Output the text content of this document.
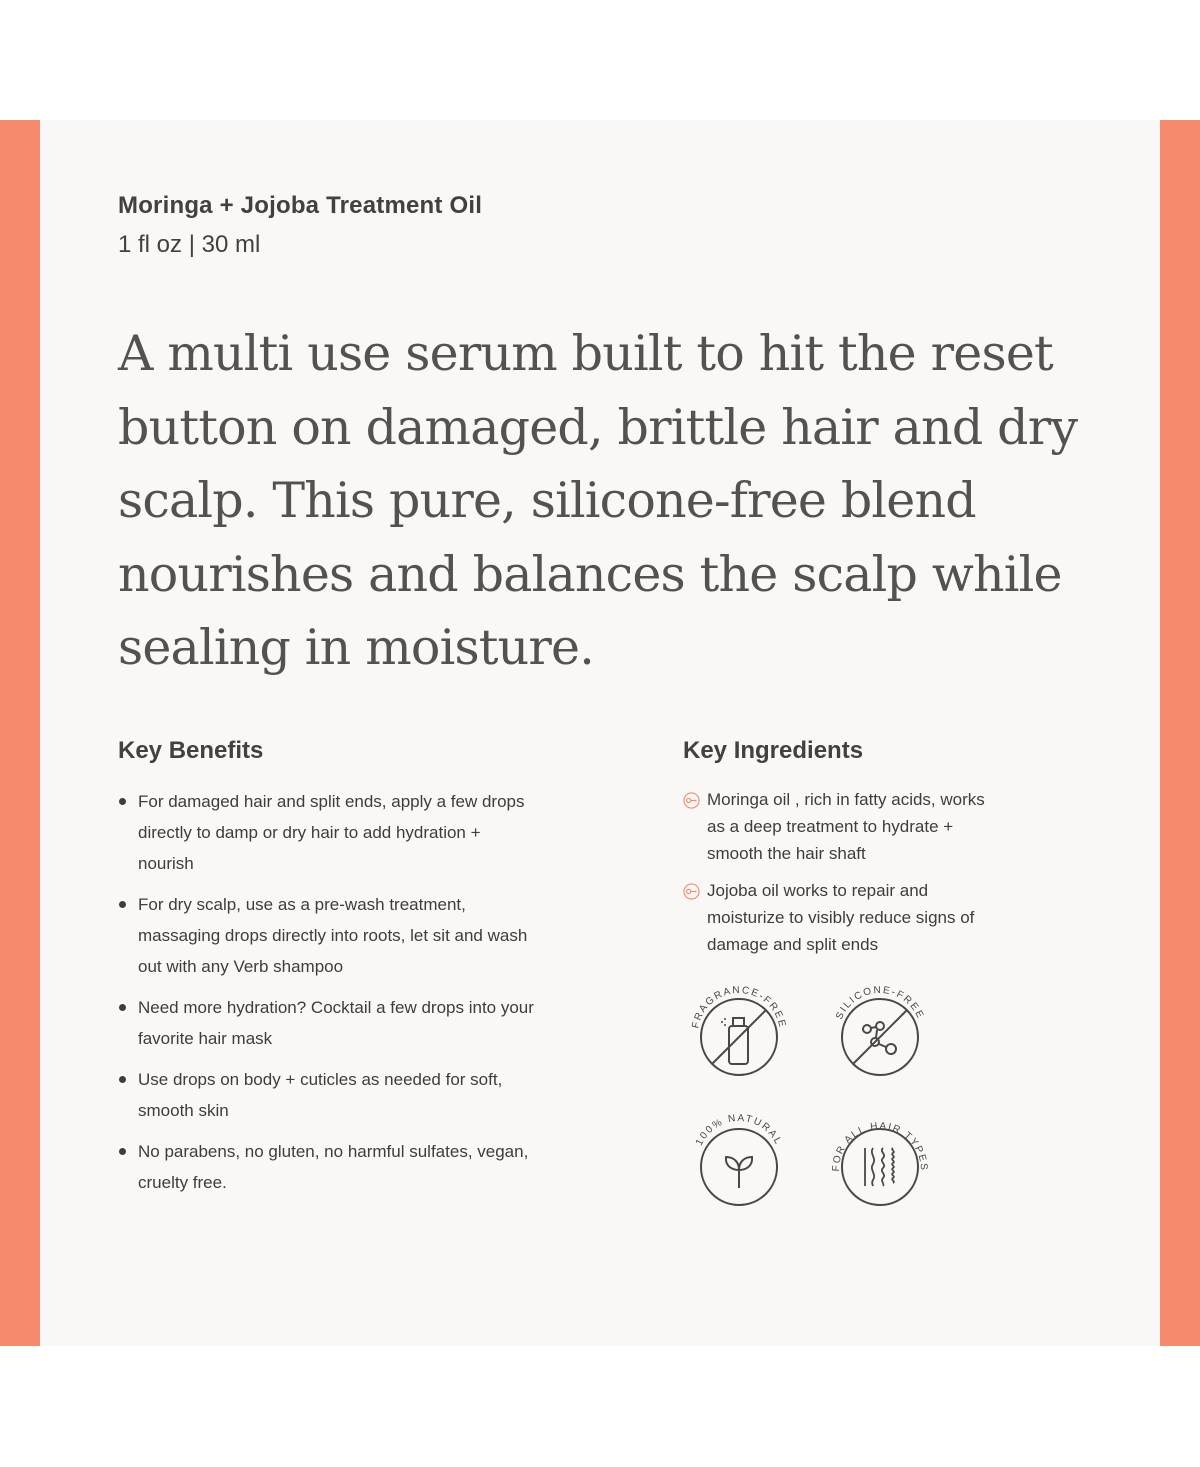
Moringa + Jojoba Treatment Oil
1 fl oz | 30 ml
A multi use serum built to hit the reset button on damaged, brittle hair and dry scalp. This pure, silicone-free blend nourishes and balances the scalp while sealing in moisture.
Key Benefits
For damaged hair and split ends, apply a few drops directly to damp or dry hair to add hydration + nourish
For dry scalp, use as a pre-wash treatment, massaging drops directly into roots, let sit and wash out with any Verb shampoo
Need more hydration? Cocktail a few drops into your favorite hair mask
Use drops on body + cuticles as needed for soft, smooth skin
No parabens, no gluten, no harmful sulfates, vegan, cruelty free.
Key Ingredients
Moringa oil , rich in fatty acids, works as a deep treatment to hydrate + smooth the hair shaft
Jojoba oil works to repair and moisturize to visibly reduce signs of damage and split ends
FRAGRANCE-FREE
SILICONE-FREE
100% NATURAL
FOR ALL HAIR TYPES
